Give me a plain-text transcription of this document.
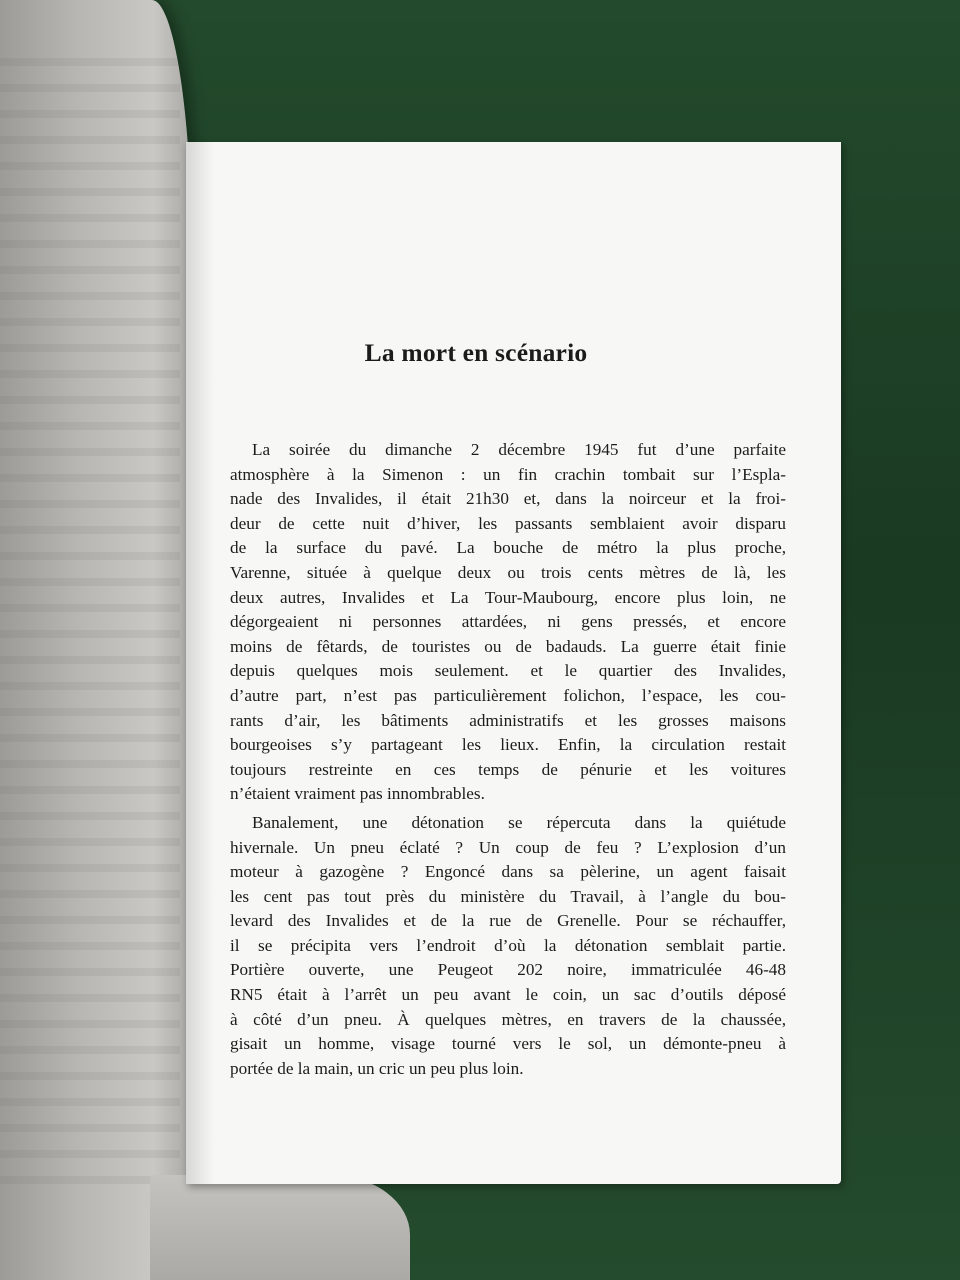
La mort en scénario
La soirée du dimanche 2 décembre 1945 fut d’une parfaite
atmosphère à la Simenon : un fin crachin tombait sur l’Espla-
nade des Invalides, il était 21h30 et, dans la noirceur et la froi-
deur de cette nuit d’hiver, les passants semblaient avoir disparu
de la surface du pavé. La bouche de métro la plus proche,
Varenne, située à quelque deux ou trois cents mètres de là, les
deux autres, Invalides et La Tour-Maubourg, encore plus loin, ne
dégorgeaient ni personnes attardées, ni gens pressés, et encore
moins de fêtards, de touristes ou de badauds. La guerre était finie
depuis quelques mois seulement. et le quartier des Invalides,
d’autre part, n’est pas particulièrement folichon, l’espace, les cou-
rants d’air, les bâtiments administratifs et les grosses maisons
bourgeoises s’y partageant les lieux. Enfin, la circulation restait
toujours restreinte en ces temps de pénurie et les voitures
n’étaient vraiment pas innombrables.
Banalement, une détonation se répercuta dans la quiétude
hivernale. Un pneu éclaté ? Un coup de feu ? L’explosion d’un
moteur à gazogène ? Engoncé dans sa pèlerine, un agent faisait
les cent pas tout près du ministère du Travail, à l’angle du bou-
levard des Invalides et de la rue de Grenelle. Pour se réchauffer,
il se précipita vers l’endroit d’où la détonation semblait partie.
Portière ouverte, une Peugeot 202 noire, immatriculée 46-48
RN5 était à l’arrêt un peu avant le coin, un sac d’outils déposé
à côté d’un pneu. À quelques mètres, en travers de la chaussée,
gisait un homme, visage tourné vers le sol, un démonte-pneu à
portée de la main, un cric un peu plus loin.
